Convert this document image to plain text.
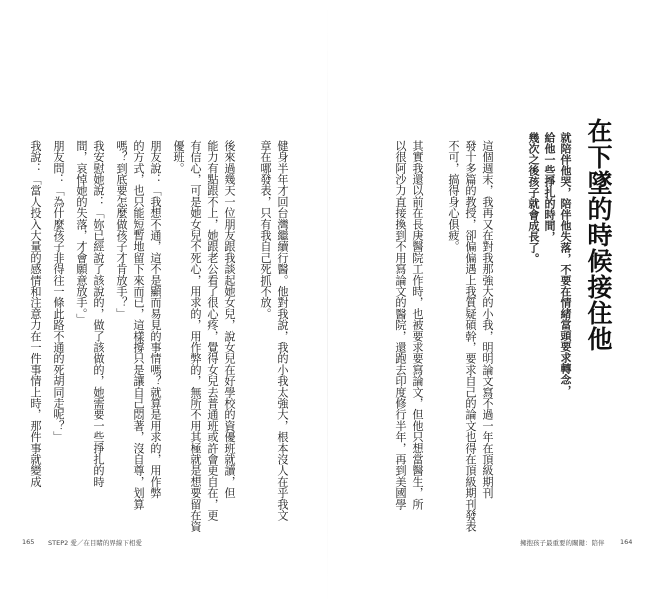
在下墜的時候接住他
就陪伴他哭，陪伴他失落，不要在情緒當頭要求轉念，
給他一些掙扎的時間，
幾次之後孩子就會成長了。
這個週末，我再又在對我那強大的小我，明明論文寫不過一年在頂級期刊
發十多篇的教授，卻偏偏遇上我質疑碩幹，要求自己的論文也得在頂級期刊發表
不可，搞得身心俱疲。
其實我還以前在長庚醫院工作時，也被要求要寫論文，但他只想當醫生，所
以很阿沙力直接換到不用寫論文的醫院，還跑去印度修行半年，再到美國學
擁抱孩子最重要的關鍵：陪伴 164
健身半年才回台灣繼續行醫。他對我說，我的小我太強大，根本沒人在乎我文
章在哪發表，只有我自己死抓不放。
後來過幾天一位朋友跟我談起她女兒，說女兒在好學校的資優班就讀，但
能力有點跟不上，她跟老公看了很心疼，覺得女兒去普通班或許會更自在，更
有信心，可是她女兒不死心，用求的，用作弊的，無所不用其極就是想要留在資
優班。
朋友說：「我想不通，這不是顯而易見的事情嗎？就算是用求的，用作弊
的方式，也只能短暫地留下來而已，這樣撐只是讓自己悶著，沒自尊，划算
嗎？到底要怎麼做孩子才肯放手？」
我安慰她說：「妳已經說了該說的，做了該做的，她需要一些掙扎的時
間，哀悼她的失落，才會願意放手。」
朋友問：「為什麼孩子非得往一條此路不通的死胡同走呢？」
我說：「當人投入大量的感情和注意力在一件事情上時，那件事就變成
165 STEP2 愛／在目睹的界線下相愛
